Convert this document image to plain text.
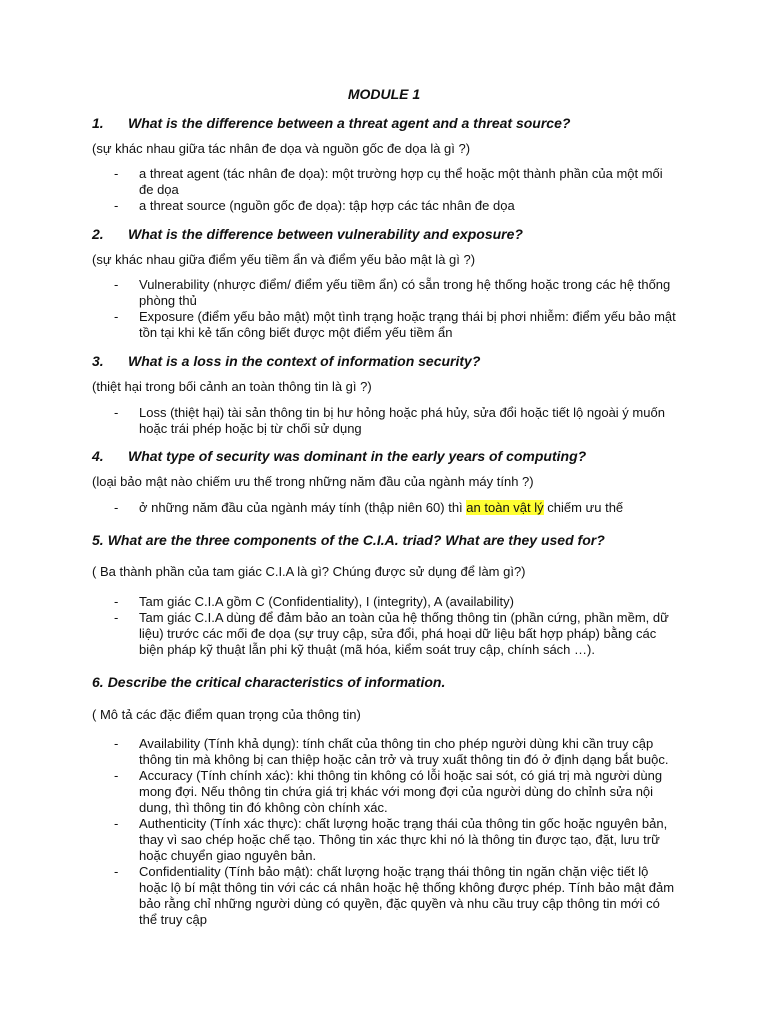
MODULE 1
1. What is the difference between a threat agent and a threat source?
(sự khác nhau giữa tác nhân đe dọa và nguồn gốc đe dọa là gì ?)
- a threat agent (tác nhân đe dọa): một trường hợp cụ thể hoặc một thành phần của một mối đe dọa
- a threat source (nguồn gốc đe dọa): tập hợp các tác nhân đe dọa
2. What is the difference between vulnerability and exposure?
(sự khác nhau giữa điểm yếu tiềm ẩn và điểm yếu bảo mật là gì ?)
- Vulnerability (nhược điểm/ điểm yếu tiềm ẩn) có sẵn trong hệ thống hoặc trong các hệ thống phòng thủ
- Exposure (điểm yếu bảo mật) một tình trạng hoặc trạng thái bị phơi nhiễm: điểm yếu bảo mật tồn tại khi kẻ tấn công biết được một điểm yếu tiềm ẩn
3. What is a loss in the context of information security?
(thiệt hại trong bối cảnh an toàn thông tin là gì ?)
- Loss (thiệt hại) tài sản thông tin bị hư hỏng hoặc phá hủy, sửa đổi hoặc tiết lộ ngoài ý muốn hoặc trái phép hoặc bị từ chối sử dụng
4. What type of security was dominant in the early years of computing?
(loại bảo mật nào chiếm ưu thế trong những năm đầu của ngành máy tính ?)
- ở những năm đầu của ngành máy tính (thập niên 60) thì an toàn vật lý chiếm ưu thế
5. What are the three components of the C.I.A. triad? What are they used for?
( Ba thành phần của tam giác C.I.A là gì? Chúng được sử dụng để làm gì?)
- Tam giác C.I.A gồm C (Confidentiality), I (integrity), A (availability)
- Tam giác C.I.A dùng để đảm bảo an toàn của hệ thống thông tin (phần cứng, phần mềm, dữ liệu) trước các mối đe dọa (sự truy cập, sửa đổi, phá hoại dữ liệu bất hợp pháp) bằng các biện pháp kỹ thuật lẫn phi kỹ thuật (mã hóa, kiểm soát truy cập, chính sách …).
6. Describe the critical characteristics of information.
( Mô tả các đặc điểm quan trọng của thông tin)
- Availability (Tính khả dụng): tính chất của thông tin cho phép người dùng khi cần truy cập thông tin mà không bị can thiệp hoặc cản trở và truy xuất thông tin đó ở định dạng bắt buộc.
- Accuracy (Tính chính xác): khi thông tin không có lỗi hoặc sai sót, có giá trị mà người dùng mong đợi. Nếu thông tin chứa giá trị khác với mong đợi của người dùng do chỉnh sửa nội dung, thì thông tin đó không còn chính xác.
- Authenticity (Tính xác thực): chất lượng hoặc trạng thái của thông tin gốc hoặc nguyên bản, thay vì sao chép hoặc chế tạo. Thông tin xác thực khi nó là thông tin được tạo, đặt, lưu trữ hoặc chuyển giao nguyên bản.
- Confidentiality (Tính bảo mật): chất lượng hoặc trạng thái thông tin ngăn chặn việc tiết lộ hoặc lộ bí mật thông tin với các cá nhân hoặc hệ thống không được phép. Tính bảo mật đảm bảo rằng chỉ những người dùng có quyền, đặc quyền và nhu cầu truy cập thông tin mới có thể truy cập
